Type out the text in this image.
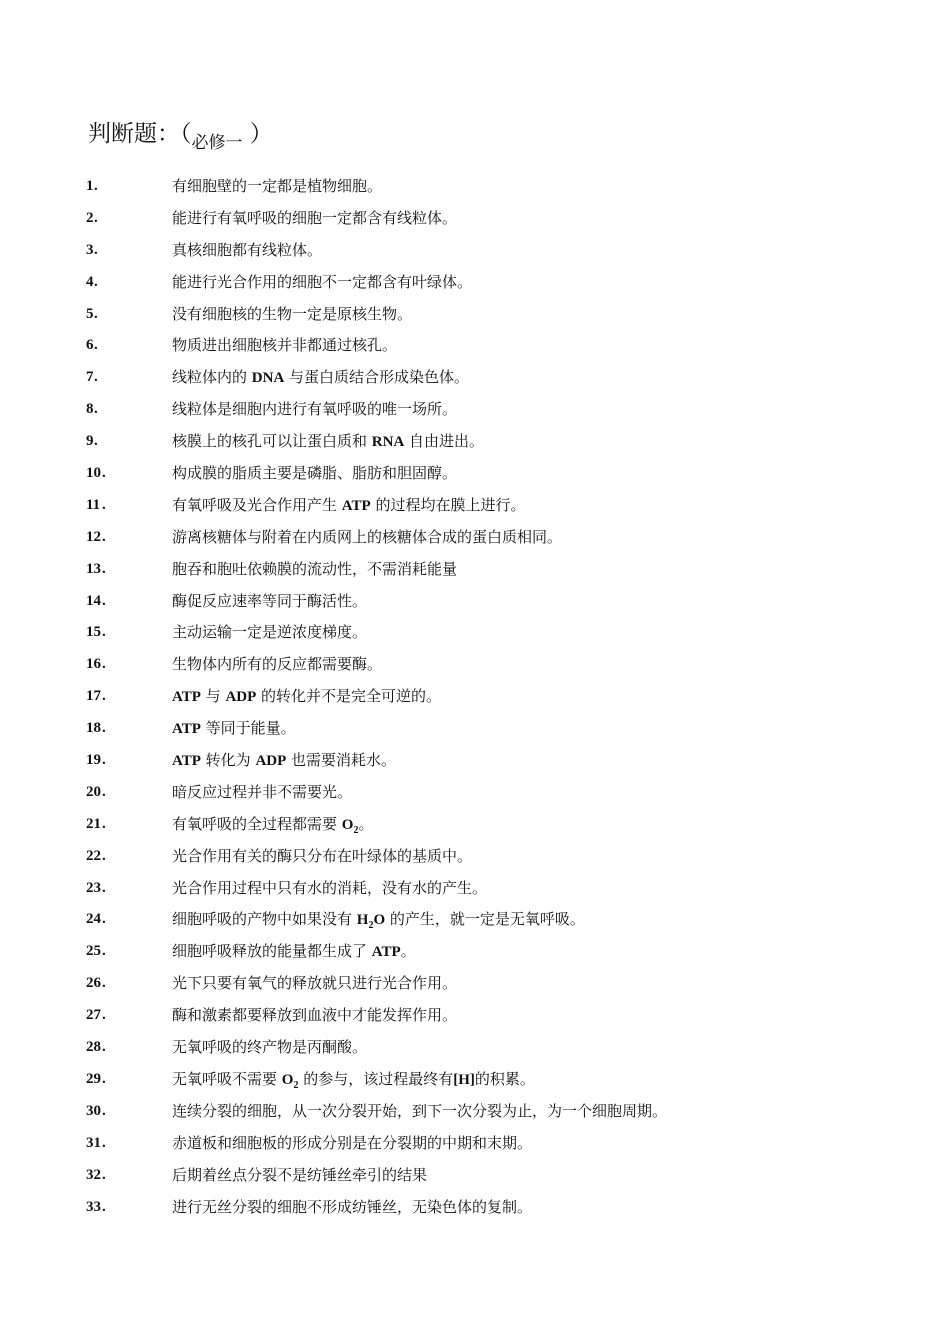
判断题：（$_{必修一}$ ）
1 .	有细胞壁的一定都是植物细胞。
2 .	能进行有氧呼吸的细胞一定都含有线粒体。
3 .	真核细胞都有线粒体。
4 .	能进行光合作用的细胞不一定都含有叶绿体。
5 .	没有细胞核的生物一定是原核生物。
6 .	物质进出细胞核并非都通过核孔。
7 .	线粒体内的 DNA 与蛋白质结合形成染色体。
8 .	线粒体是细胞内进行有氧呼吸的唯一场所。
9 .	核膜上的核孔可以让蛋白质和 RNA 自由进出。
10 .	构成膜的脂质主要是磷脂、脂肪和胆固醇。
11 .	有氧呼吸及光合作用产生 ATP 的过程均在膜上进行。
12 .	游离核糖体与附着在内质网上的核糖体合成的蛋白质相同。
13 .	胞吞和胞吐依赖膜的流动性，不需消耗能量
14 .	酶促反应速率等同于酶活性。
15 .	主动运输一定是逆浓度梯度。
16 .	生物体内所有的反应都需要酶。
17 .	ATP 与 ADP 的转化并不是完全可逆的。
18 .	ATP 等同于能量。
19 .	ATP 转化为 ADP 也需要消耗水。
20 .	暗反应过程并非不需要光。
21 .	有氧呼吸的全过程都需要 $O_2$。
22 .	光合作用有关的酶只分布在叶绿体的基质中。
23 .	光合作用过程中只有水的消耗，没有水的产生。
24 .	细胞呼吸的产物中如果没有 $H_2O$ 的产生，就一定是无氧呼吸。
25 .	细胞呼吸释放的能量都生成了 ATP。
26 .	光下只要有氧气的释放就只进行光合作用。
27 .	酶和激素都要释放到血液中才能发挥作用。
28 .	无氧呼吸的终产物是丙酮酸。
29 .	无氧呼吸不需要 $O_2$ 的参与，该过程最终有[H]的积累。
30 .	连续分裂的细胞，从一次分裂开始，到下一次分裂为止，为一个细胞周期。
31 .	赤道板和细胞板的形成分别是在分裂期的中期和末期。
32 .	后期着丝点分裂不是纺锤丝牵引的结果
33 .	进行无丝分裂的细胞不形成纺锤丝，无染色体的复制。
